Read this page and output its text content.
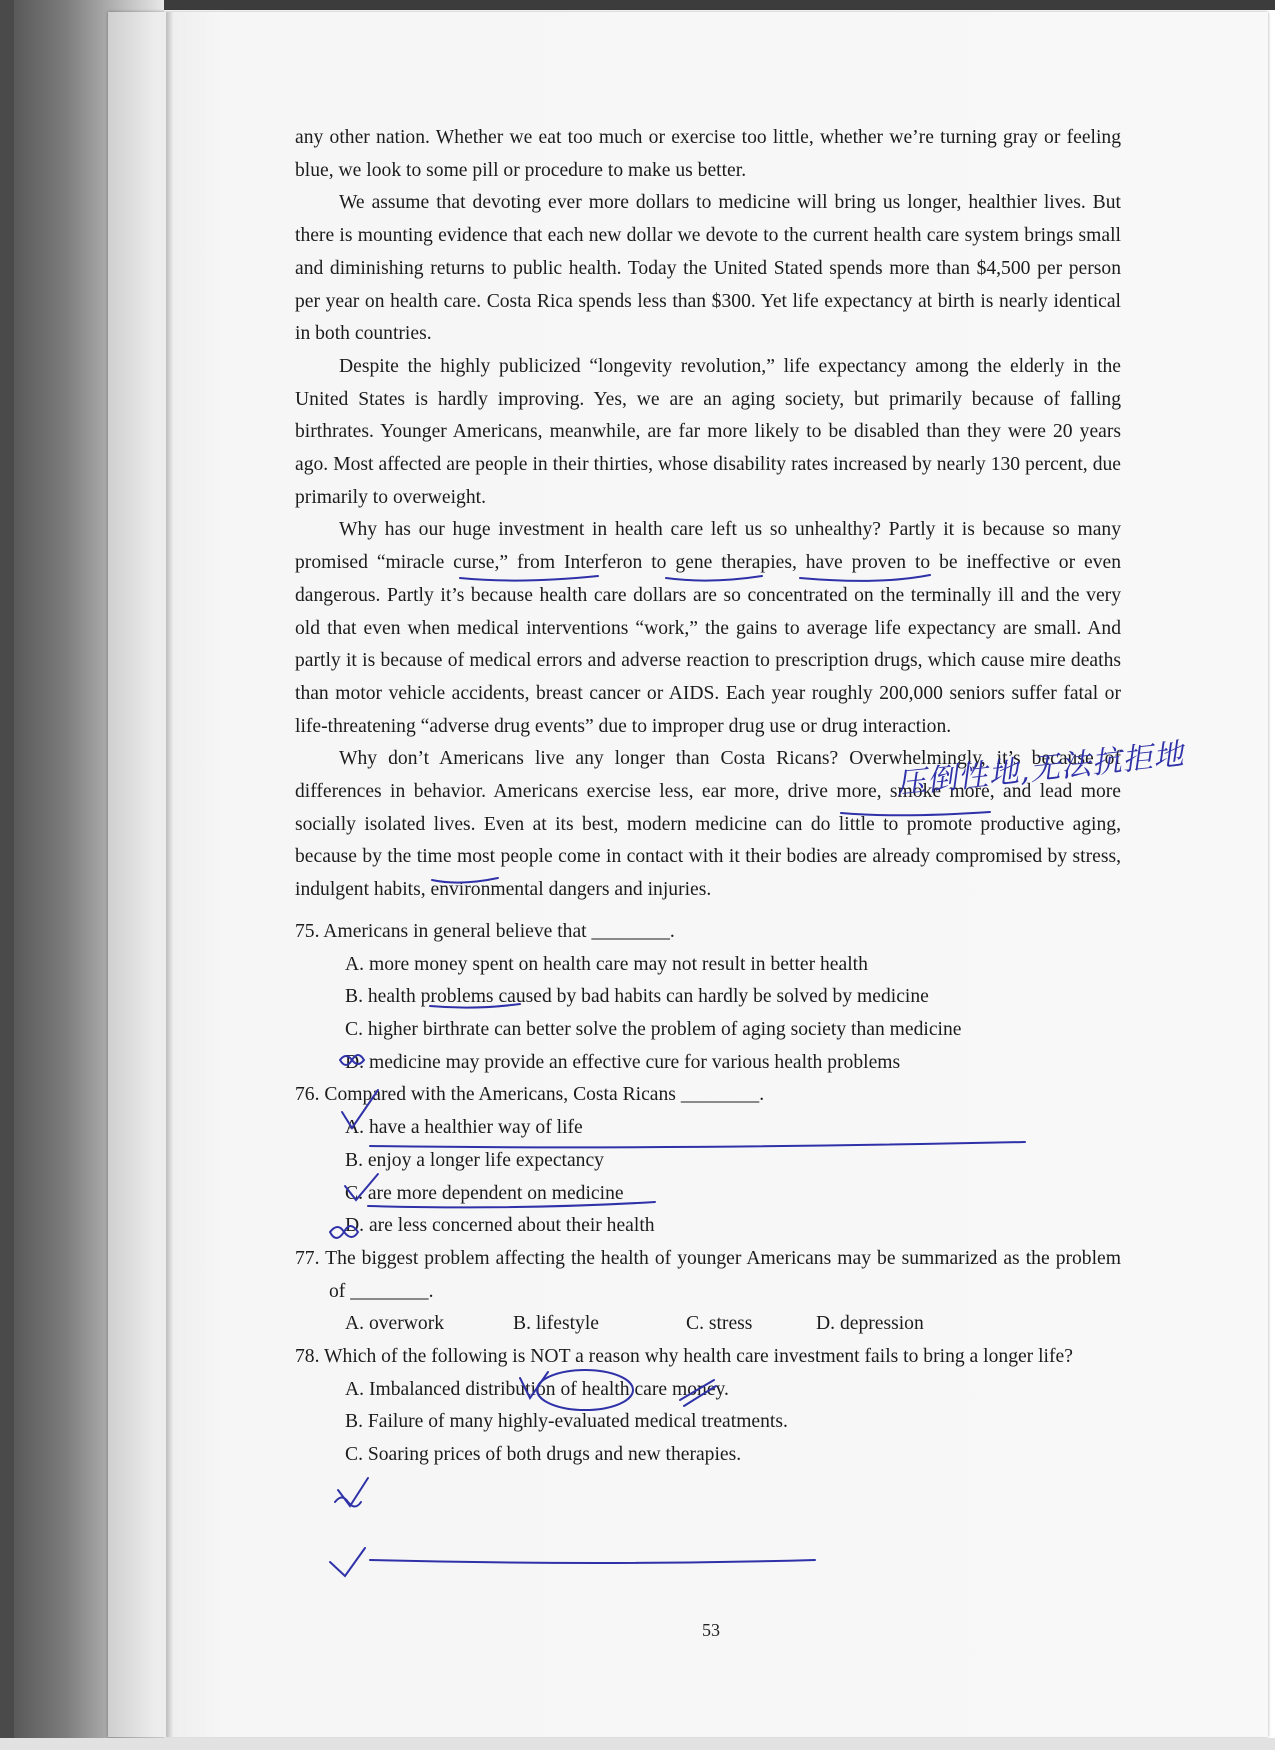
any other nation. Whether we eat too much or exercise too little, whether we’re turning gray or feeling blue, we look to some pill or procedure to make us better.

We assume that devoting ever more dollars to medicine will bring us longer, healthier lives. But there is mounting evidence that each new dollar we devote to the current health care system brings small and diminishing returns to public health. Today the United Stated spends more than $4,500 per person per year on health care. Costa Rica spends less than $300. Yet life expectancy at birth is nearly identical in both countries.

Despite the highly publicized “longevity revolution,” life expectancy among the elderly in the United States is hardly improving. Yes, we are an aging society, but primarily because of falling birthrates. Younger Americans, meanwhile, are far more likely to be disabled than they were 20 years ago. Most affected are people in their thirties, whose disability rates increased by nearly 130 percent, due primarily to overweight.

Why has our huge investment in health care left us so unhealthy? Partly it is because so many promised “miracle curse,” from Interferon to gene therapies, have proven to be ineffective or even dangerous. Partly it’s because health care dollars are so concentrated on the terminally ill and the very old that even when medical interventions “work,” the gains to average life expectancy are small. And partly it is because of medical errors and adverse reaction to prescription drugs, which cause mire deaths than motor vehicle accidents, breast cancer or AIDS. Each year roughly 200,000 seniors suffer fatal or life-threatening “adverse drug events” due to improper drug use or drug interaction.

Why don’t Americans live any longer than Costa Ricans? Overwhelmingly, it’s because of differences in behavior. Americans exercise less, ear more, drive more, smoke more, and lead more socially isolated lives. Even at its best, modern medicine can do little to promote productive aging, because by the time most people come in contact with it their bodies are already compromised by stress, indulgent habits, environmental dangers and injuries.

75. Americans in general believe that ________.

A. more money spent on health care may not result in better health

B. health problems caused by bad habits can hardly be solved by medicine

C. higher birthrate can better solve the problem of aging society than medicine

D. medicine may provide an effective cure for various health problems

76. Compared with the Americans, Costa Ricans ________.

A. have a healthier way of life

B. enjoy a longer life expectancy

C. are more dependent on medicine

D. are less concerned about their health

77. The biggest problem affecting the health of younger Americans may be summarized as the problem of ________.

A. overwork	B. lifestyle	C. stress	D. depression

78. Which of the following is NOT a reason why health care investment fails to bring a longer life?

A. Imbalanced distribution of health care money.

B. Failure of many highly-evaluated medical treatments.

C. Soaring prices of both drugs and new therapies.

压倒性地,无法抗拒地
53
